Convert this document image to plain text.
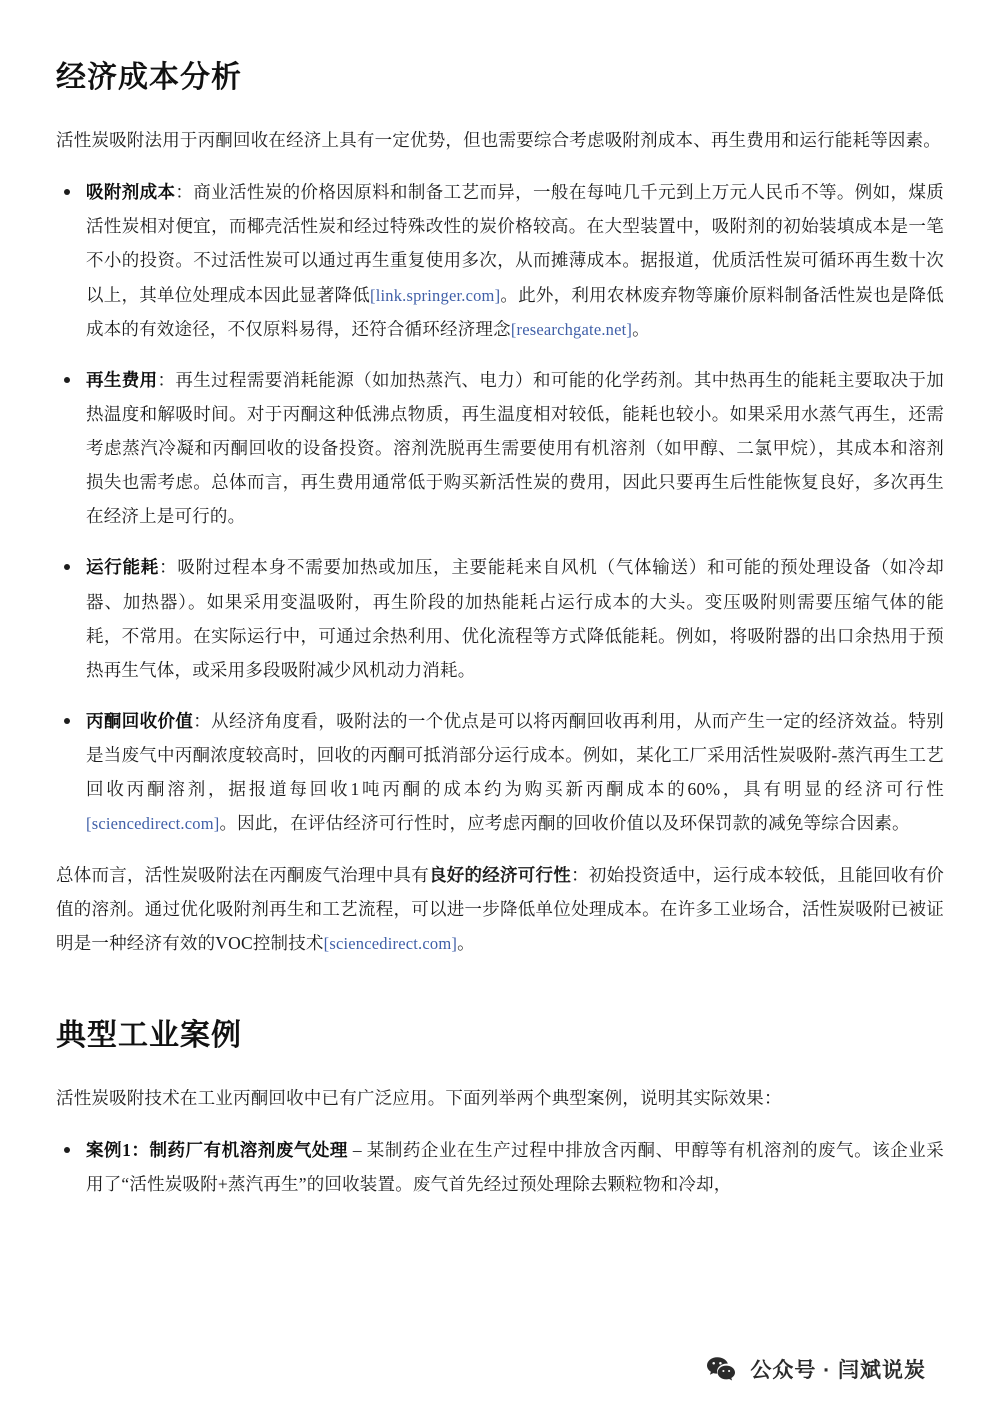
经济成本分析

活性炭吸附法用于丙酮回收在经济上具有一定优势，但也需要综合考虑吸附剂成本、再生费用和运行能耗等因素。

吸附剂成本：商业活性炭的价格因原料和制备工艺而异，一般在每吨几千元到上万元人民币不等。例如，煤质活性炭相对便宜，而椰壳活性炭和经过特殊改性的炭价格较高。在大型装置中，吸附剂的初始装填成本是一笔不小的投资。不过活性炭可以通过再生重复使用多次，从而摊薄成本。据报道，优质活性炭可循环再生数十次以上，其单位处理成本因此显著降低[link.springer.com]。此外，利用农林废弃物等廉价原料制备活性炭也是降低成本的有效途径，不仅原料易得，还符合循环经济理念[researchgate.net]。
再生费用：再生过程需要消耗能源（如加热蒸汽、电力）和可能的化学药剂。其中热再生的能耗主要取决于加热温度和解吸时间。对于丙酮这种低沸点物质，再生温度相对较低，能耗也较小。如果采用水蒸气再生，还需考虑蒸汽冷凝和丙酮回收的设备投资。溶剂洗脱再生需要使用有机溶剂（如甲醇、二氯甲烷），其成本和溶剂损失也需考虑。总体而言，再生费用通常低于购买新活性炭的费用，因此只要再生后性能恢复良好，多次再生在经济上是可行的。
运行能耗：吸附过程本身不需要加热或加压，主要能耗来自风机（气体输送）和可能的预处理设备（如冷却器、加热器）。如果采用变温吸附，再生阶段的加热能耗占运行成本的大头。变压吸附则需要压缩气体的能耗，不常用。在实际运行中，可通过余热利用、优化流程等方式降低能耗。例如，将吸附器的出口余热用于预热再生气体，或采用多段吸附减少风机动力消耗。
丙酮回收价值：从经济角度看，吸附法的一个优点是可以将丙酮回收再利用，从而产生一定的经济效益。特别是当废气中丙酮浓度较高时，回收的丙酮可抵消部分运行成本。例如，某化工厂采用活性炭吸附-蒸汽再生工艺回收丙酮溶剂，据报道每回收1吨丙酮的成本约为购买新丙酮成本的60%，具有明显的经济可行性[sciencedirect.com]。因此，在评估经济可行性时，应考虑丙酮的回收价值以及环保罚款的减免等综合因素。

总体而言，活性炭吸附法在丙酮废气治理中具有良好的经济可行性：初始投资适中，运行成本较低，且能回收有价值的溶剂。通过优化吸附剂再生和工艺流程，可以进一步降低单位处理成本。在许多工业场合，活性炭吸附已被证明是一种经济有效的VOC控制技术[sciencedirect.com]。

典型工业案例

活性炭吸附技术在工业丙酮回收中已有广泛应用。下面列举两个典型案例，说明其实际效果：

案例1：制药厂有机溶剂废气处理 – 某制药企业在生产过程中排放含丙酮、甲醇等有机溶剂的废气。该企业采用了“活性炭吸附+蒸汽再生”的回收装置。废气首先经过预处理除去颗粒物和冷却，
公众号 · 闫斌说炭
